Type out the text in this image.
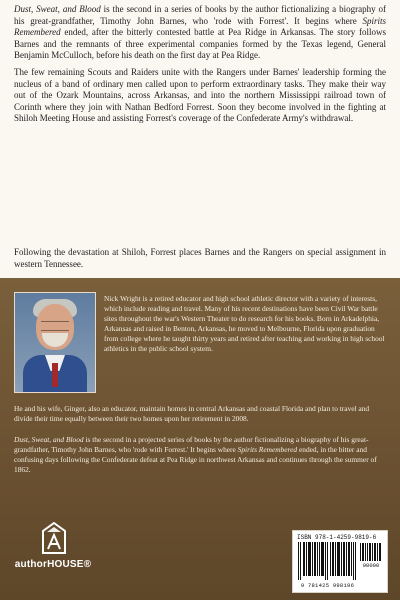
Dust, Sweat, and Blood is the second in a series of books by the author fictionalizing a biography of his great-grandfather, Timothy John Barnes, who 'rode with Forrest'. It begins where Spirits Remembered ended, after the bitterly contested battle at Pea Ridge in Arkansas. The story follows Barnes and the remnants of three experimental companies formed by the Texas legend, General Benjamin McCulloch, before his death on the first day at Pea Ridge.

The few remaining Scouts and Raiders unite with the Rangers under Barnes' leadership forming the nucleus of a band of ordinary men called upon to perform extraordinary tasks. They make their way out of the Ozark Mountains, across Arkansas, and into the northern Mississippi railroad town of Corinth where they join with Nathan Bedford Forrest. Soon they become involved in the fighting at Shiloh Meeting House and assisting Forrest's coverage of the Confederate Army's withdrawal.

Following the devastation at Shiloh, Forrest places Barnes and the Rangers on special assignment in western Tennessee.

Nick Wright is a retired educator and high school athletic director with a variety of interests, which include reading and travel. Many of his recent destinations have been Civil War battle sites throughout the war's Western Theater to do research for his books. Born in Arkadelphia, Arkansas and raised in Benton, Arkansas, he moved to Melbourne, Florida upon graduation from college where he taught thirty years and retired after teaching and working in high school athletics in the public school system.

He and his wife, Ginger, also an educator, maintain homes in central Arkansas and coastal Florida and plan to travel and divide their time equally between their two homes upon her retirement in 2008.

Dust, Sweat, and Blood is the second in a projected series of books by the author fictionalizing a biography of his great-grandfather, Timothy John Barnes, who 'rode with Forrest.' It begins where Spirits Remembered ended, in the bitter and confusing days following the Confederate defeat at Pea Ridge in northwest Arkansas and continues through the summer of 1862.

authorHOUSE®
ISBN 978-1-4259-9819-6
90000
9 781425 998196
